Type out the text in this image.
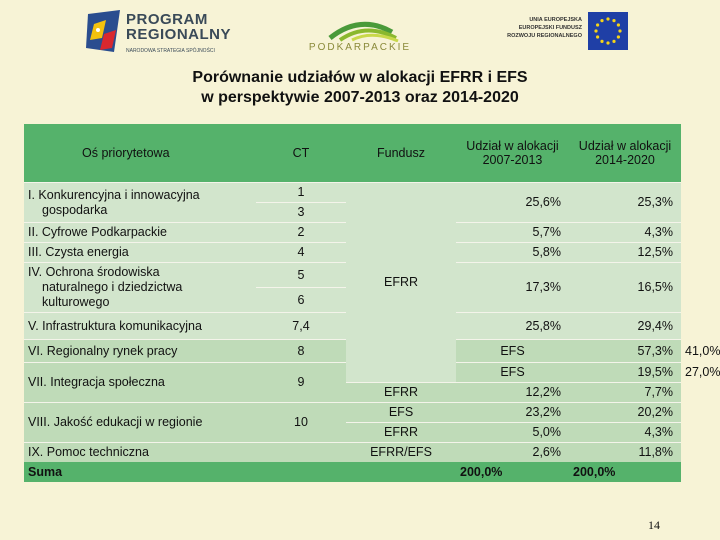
PROGRAM
REGIONALNY
NARODOWA STRATEGIA SPÓJNOŚCI	PODKARPACKIE
UNIA EUROPEJSKA
EUROPEJSKI FUNDUSZ
ROZWOJU REGIONALNEGO
Porównanie udziałów w alokacji EFRR i EFS
w perspektywie 2007-2013 oraz 2014-2020
Oś priorytetowa	CT	Fundusz	Udział w alokacji 2007-2013	Udział w alokacji 2014-2020	
I. Konkurencyjna i innowacyjna

gospodarka	1	EFRR	25,6%	25,3%	
	3				
II. Cyfrowe Podkarpackie	2		5,7%	4,3%	
III. Czysta energia	4		5,8%	12,5%	
IV. Ochrona środowiska

naturalnego i dziedzictwa
kulturowego	5		17,3%	16,5%	
	6				
V. Infrastruktura komunikacyjna	7,4		25,8%	29,4%	
VI. Regionalny rynek pracy	8		EFS	57,3%	41,0%
VII. Integracja społeczna	9		EFS	19,5%	27,0%
		EFRR	12,2%	7,7%	
VIII. Jakość edukacji w regionie	10	EFS	23,2%	20,2%	
		EFRR	5,0%	4,3%	
IX. Pomoc techniczna		EFRR/EFS	2,6%	11,8%	
Suma			200,0%	200,0%	
14
